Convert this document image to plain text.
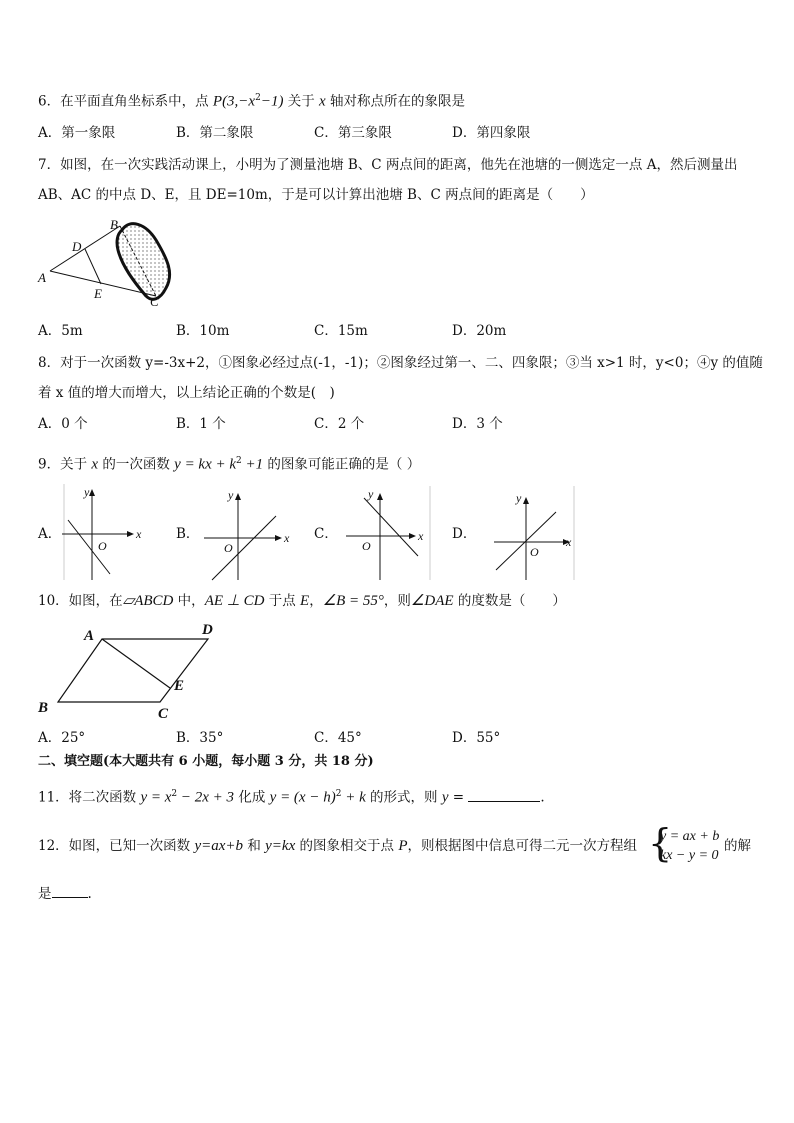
6．在平面直角坐标系中，点 $P(3,-x^2-1)$ 关于 x 轴对称点所在的象限是
A．第一象限	B．第二象限	C．第三象限	D．第四象限
7．如图，在一次实践活动课上，小明为了测量池塘 B、C 两点间的距离，他先在池塘的一侧选定一点 A，然后测量出
AB、AC 的中点 D、E，且 DE=10m，于是可以计算出池塘 B、C 两点间的距离是（　　）
A
B
C
D
E
A．5m	B．10m	C．15m	D．20m
8．对于一次函数 y=-3x+2，①图象必经过点(-1，-1)；②图象经过第一、二、四象限；③当 x>1 时，y<0；④y 的值随
着 x 值的增大而增大，以上结论正确的个数是(　)
A．0 个	B．1 个	C．2 个	D．3 个
9．关于 x 的一次函数 y = kx + $k^2 +1$ 的图象可能正确的是（ ）
A．	B．	C．	D．
x
y
O
x
y
O
x
y
O	x
y
O
10．如图，在▱ABCD 中，AE ⊥ CD 于点 E，∠B = 55°，则∠DAE 的度数是（　　）
A	D
B	C
E
A．25°	B．35°	C．45°	D．55°
二、填空题(本大题共有 6 小题，每小题 3 分，共 18 分)
11．将二次函数 $y = x^2 - 2x + 3$ 化成 $y = (x - h)^2 + k$ 的形式，则 y =	.
12．如图，已知一次函数 y=ax+b 和 y=kx 的图象相交于点 P，则根据图中信息可得二元一次方程组 {
y = ax + b
kx − y = 0
的解
是	.
